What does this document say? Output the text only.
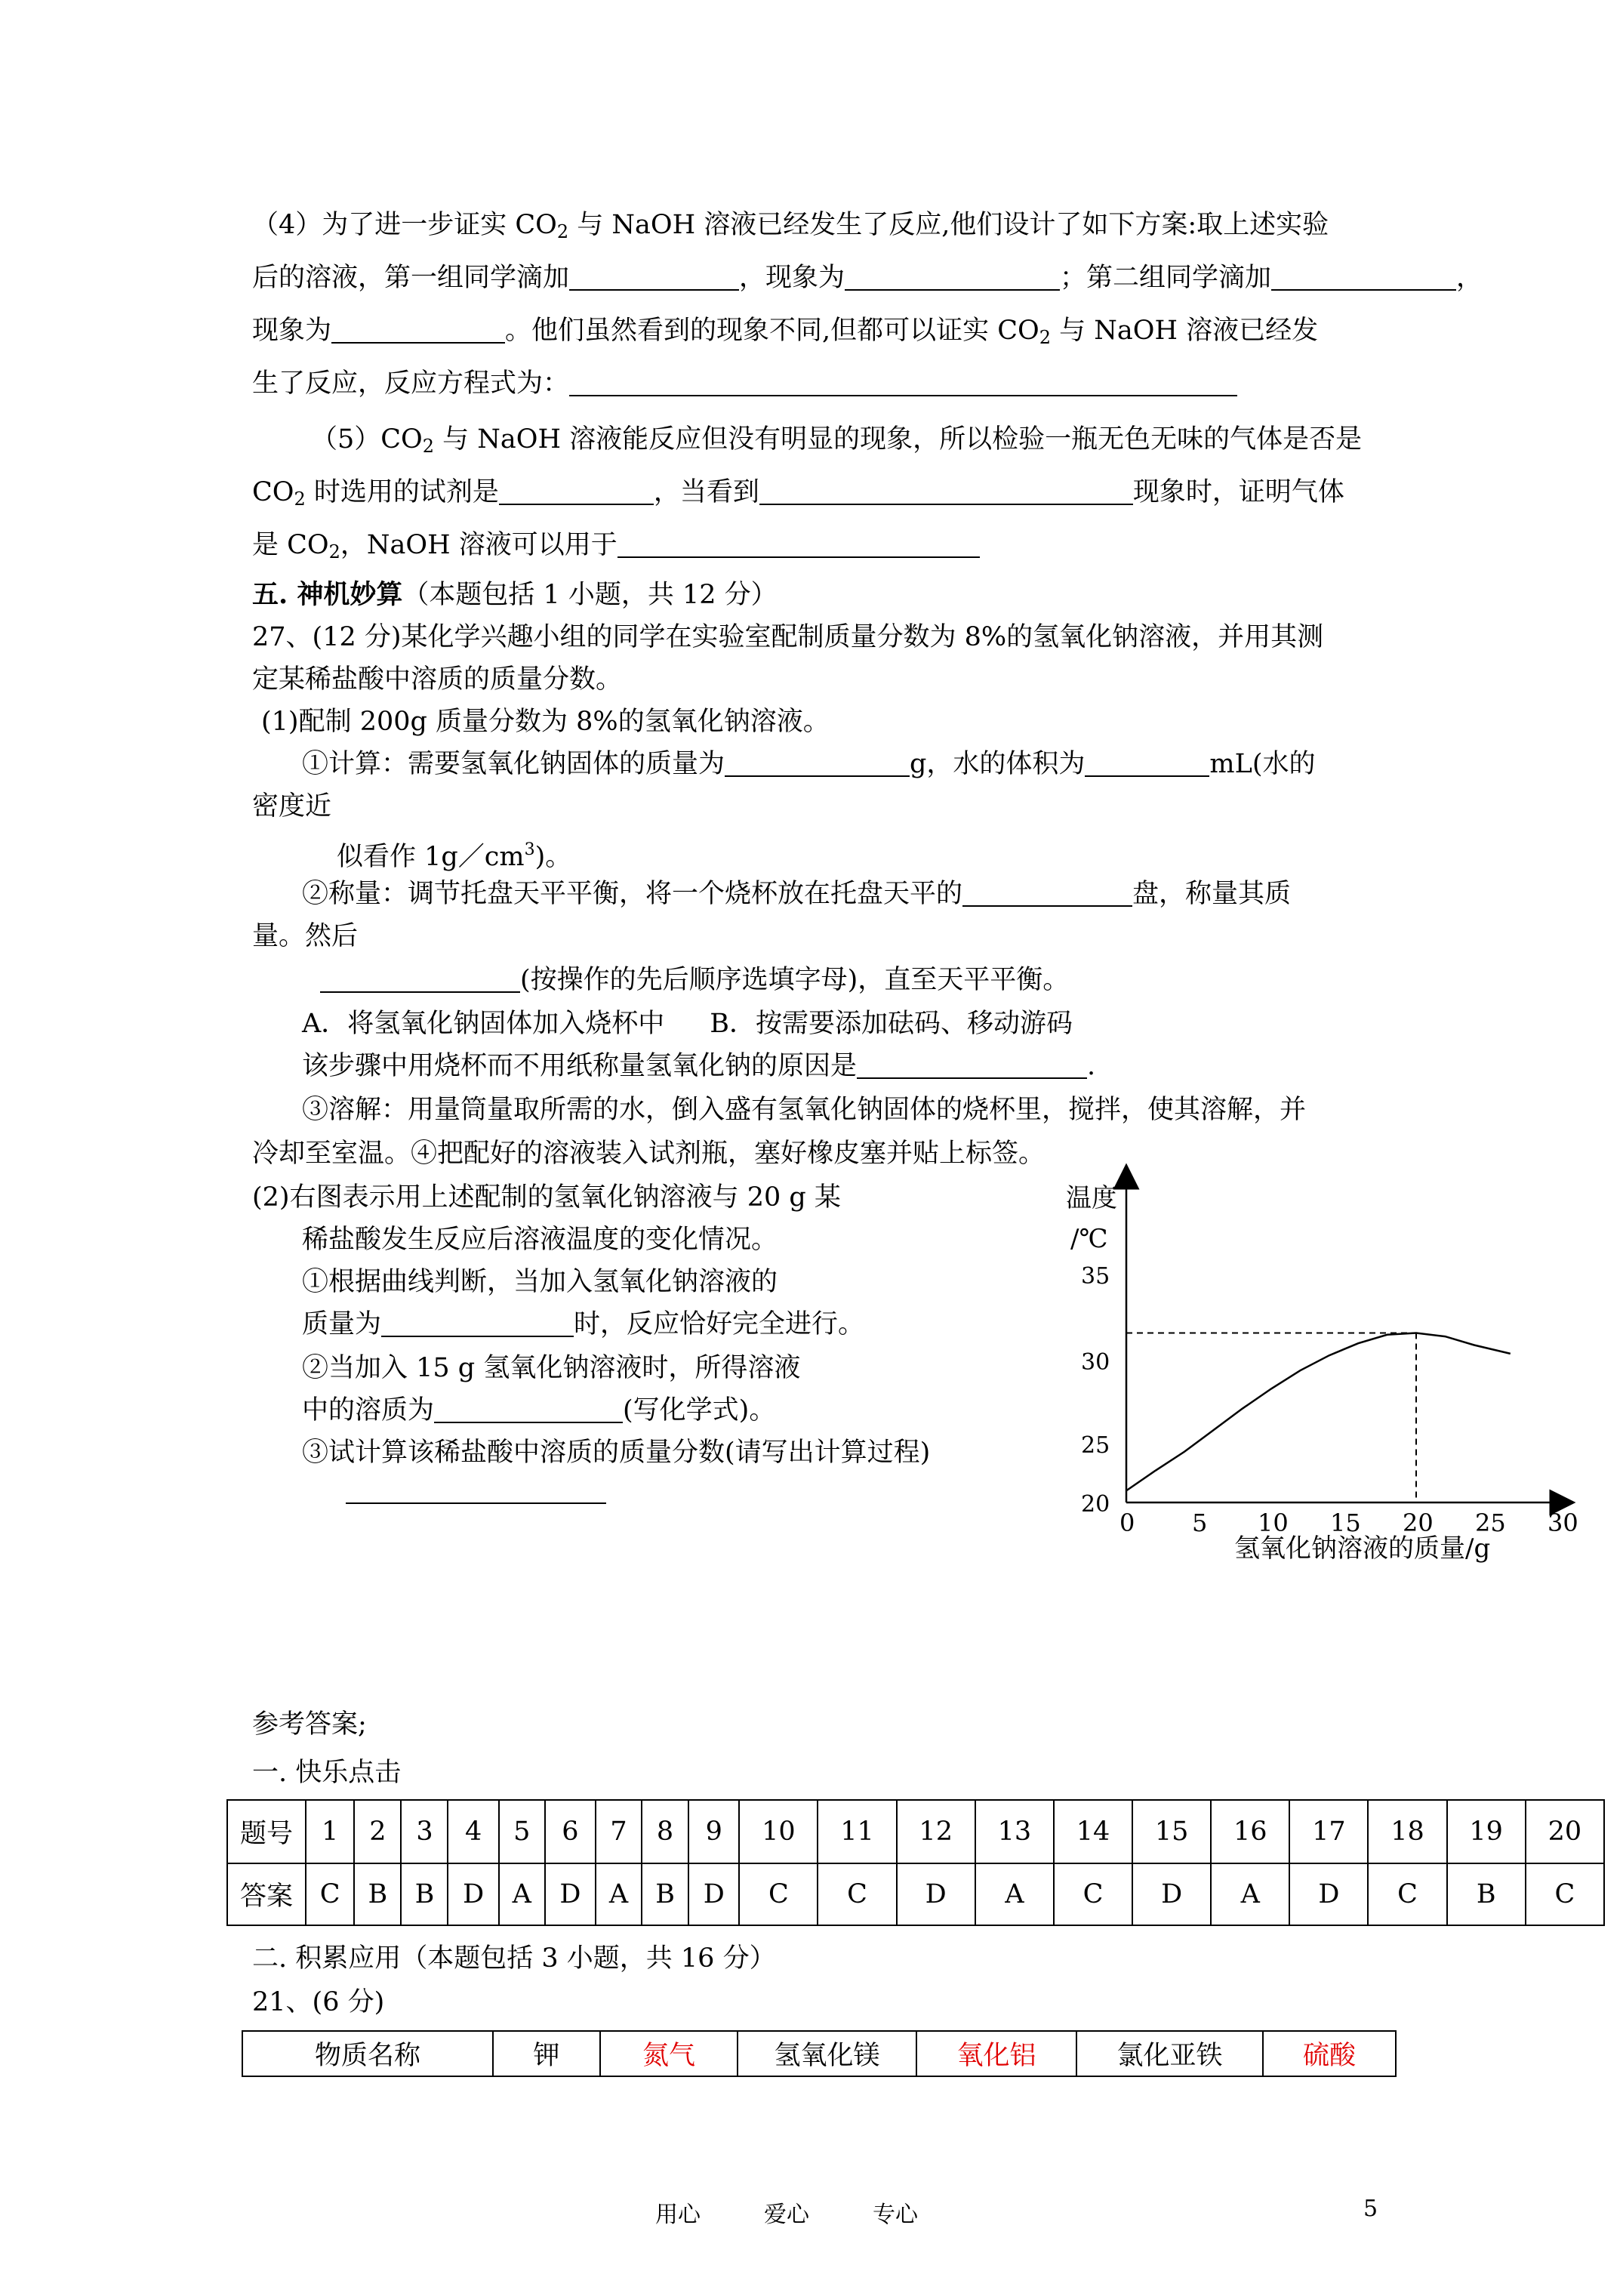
（4）为了进一步证实 $CO_2$ 与 NaOH 溶液已经发生了反应,他们设计了如下方案:取上述实验
后的溶液，第一组同学滴加	，现象为	；第二组同学滴加	，
现象为	。他们虽然看到的现象不同,但都可以证实 $CO_2$ 与 NaOH 溶液已经发
生了反应，反应方程式为：
$(5)CO_2$ 与 NaOH 溶液能反应但没有明显的现象，所以检验一瓶无色无味的气体是否是
$CO_2$ 时选用的试剂是	，当看到	现象时，证明气体
是 $CO_2$，NaOH 溶液可以用于
五. 神机妙算（本题包括 1 小题，共 12 分）
27、(12 分)某化学兴趣小组的同学在实验室配制质量分数为 8%的氢氧化钠溶液，并用其测
定某稀盐酸中溶质的质量分数。
(1)配制 200g 质量分数为 8%的氢氧化钠溶液。
①计算：需要氢氧化钠固体的质量为	g，水的体积为	mL(水的
密度近
似看作 $1g/cm^3$)。
②称量：调节托盘天平平衡，将一个烧杯放在托盘天平的	盘，称量其质
量。然后
(按操作的先后顺序选填字母)，直至天平平衡。
A．将氢氧化钠固体加入烧杯中 B．按需要添加砝码、移动游码
该步骤中用烧杯而不用纸称量氢氧化钠的原因是	.
③溶解：用量筒量取所需的水，倒入盛有氢氧化钠固体的烧杯里，搅拌，使其溶解，并
冷却至室温。④把配好的溶液装入试剂瓶，塞好橡皮塞并贴上标签。
(2)右图表示用上述配制的氢氧化钠溶液与 20 g 某
稀盐酸发生反应后溶液温度的变化情况。
①根据曲线判断，当加入氢氧化钠溶液的
质量为	时，反应恰好完全进行。
②当加入 15 g 氢氧化钠溶液时，所得溶液
中的溶质为	(写化学式)。
③试计算该稀盐酸中溶质的质量分数(请写出计算过程)
温度
/℃
氢氧化钠溶液的质量/g
0 5 10 15 20 25 30
20
25
30
35
参考答案;
一. 快乐点击
题号	1	2	3	4	5	6	7	8	9	10	11	12	13	14	15	16	17	18	19	20
答案	C	B	B	D	A	D	A	B	D	C	C	D	A	C	D	A	D	C	B	C
二. 积累应用（本题包括 3 小题，共 16 分）
21、(6 分)
物质名称	钾	氮气	氢氧化镁	氧化铝	氯化亚铁	硫酸
用心	爱心	专心	5
